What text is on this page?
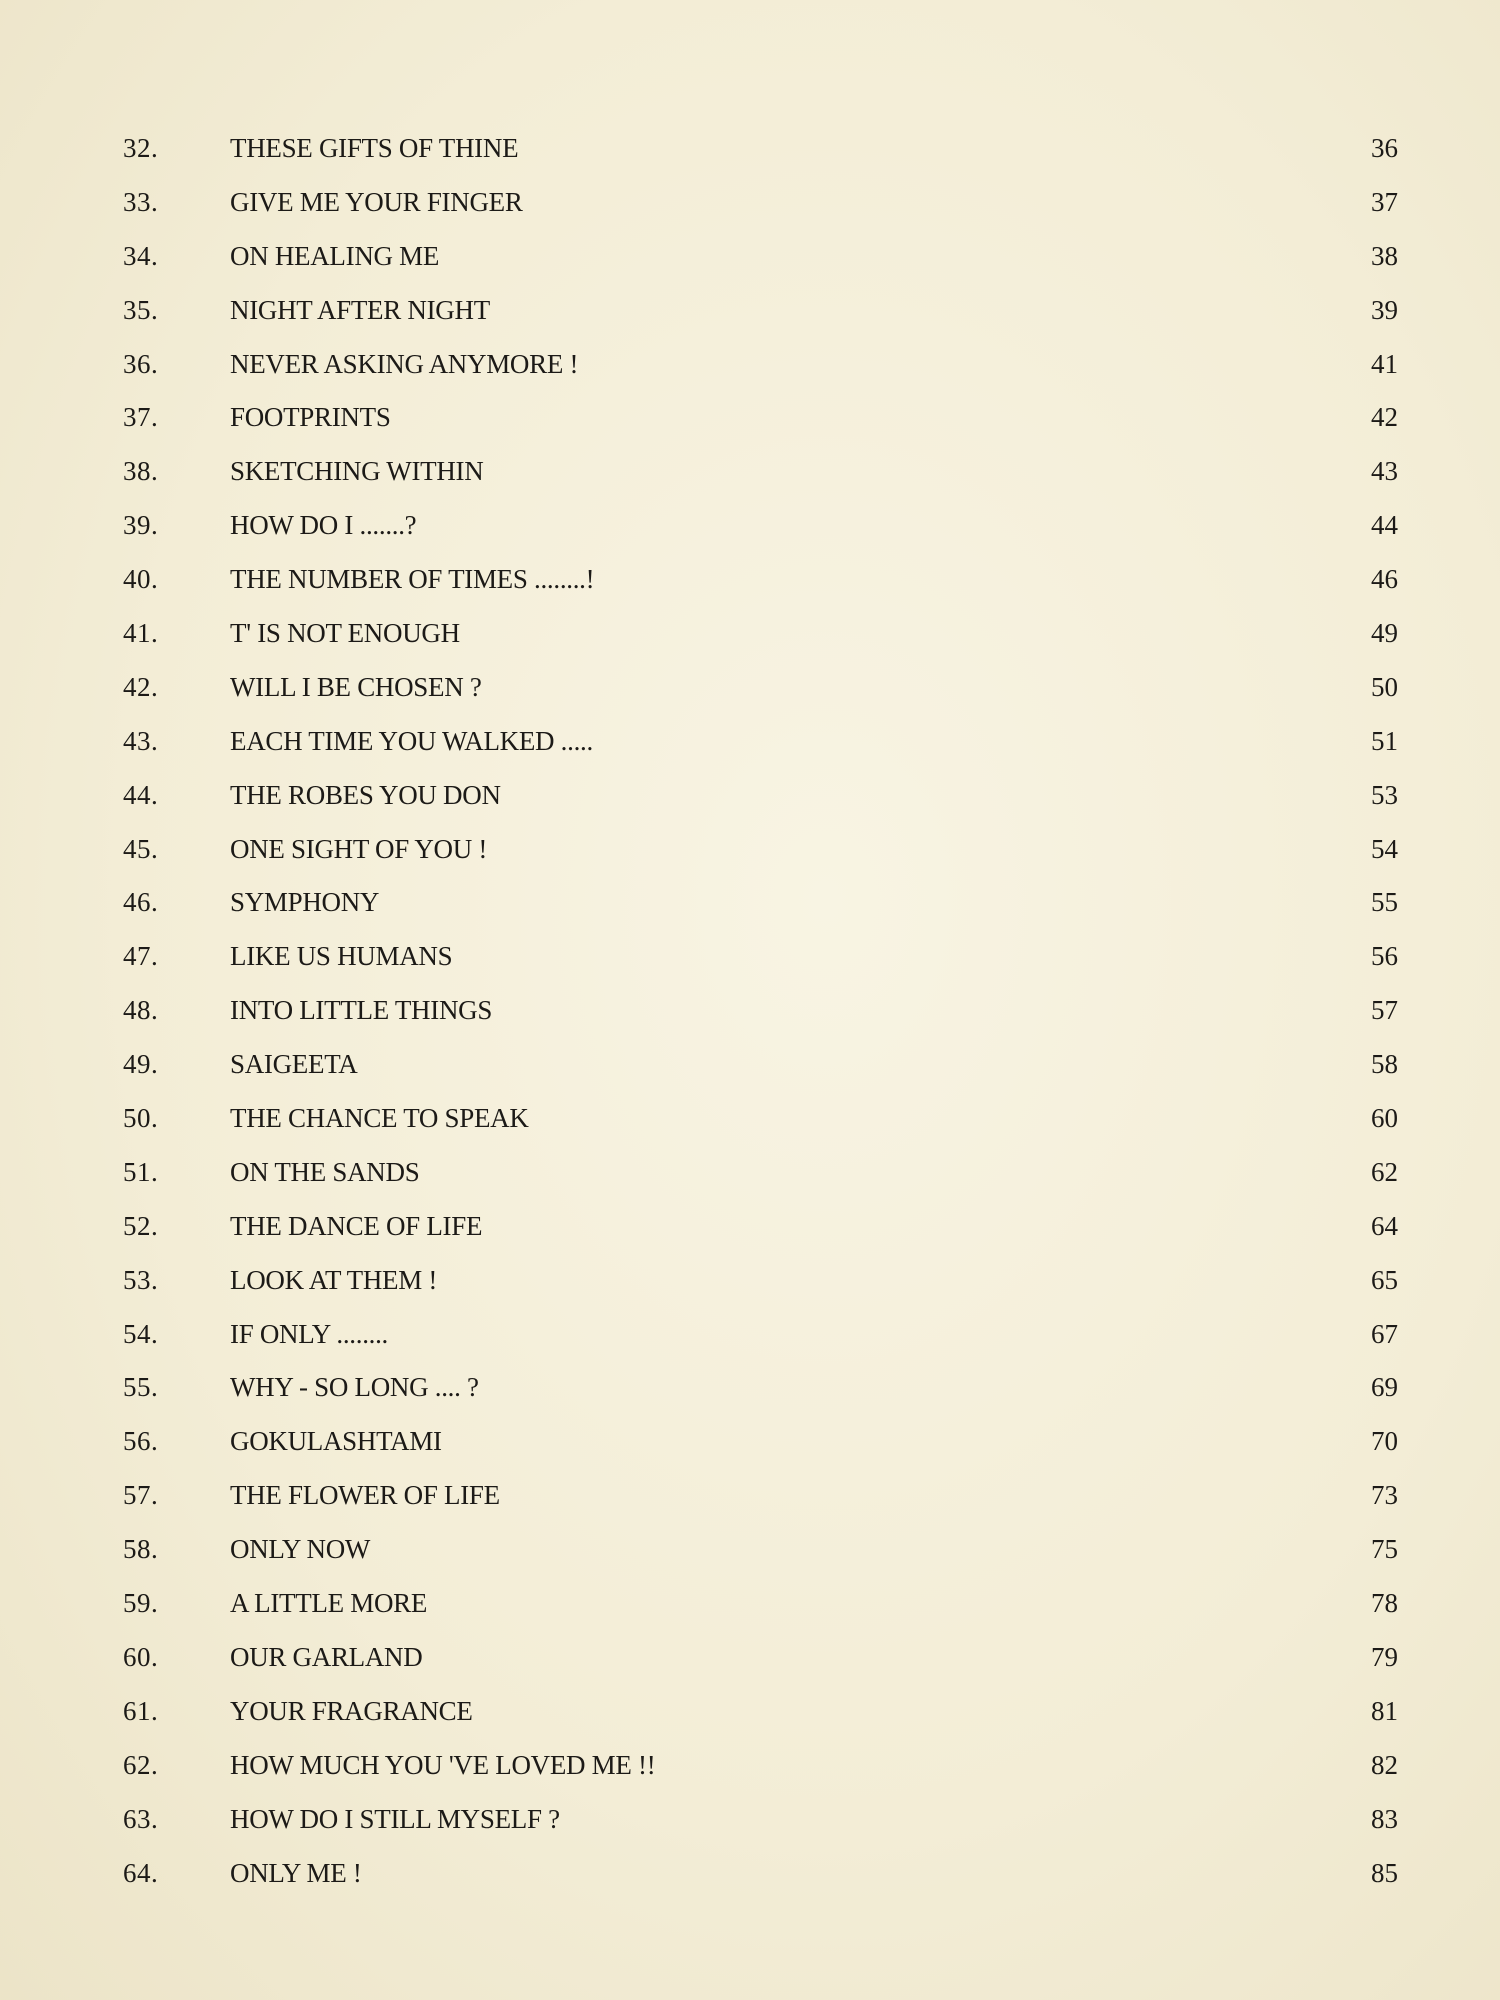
32.	THESE GIFTS OF THINE	36
33.	GIVE ME YOUR FINGER	37
34.	ON HEALING ME	38
35.	NIGHT AFTER NIGHT	39
36.	NEVER ASKING ANYMORE !	41
37.	FOOTPRINTS	42
38.	SKETCHING WITHIN	43
39.	HOW DO I .......?	44
40.	THE NUMBER OF TIMES ........!	46
41.	T' IS NOT ENOUGH	49
42.	WILL I BE CHOSEN ?	50
43.	EACH TIME YOU WALKED .....	51
44.	THE ROBES YOU DON	53
45.	ONE SIGHT OF YOU !	54
46.	SYMPHONY	55
47.	LIKE US HUMANS	56
48.	INTO LITTLE THINGS	57
49.	SAIGEETA	58
50.	THE CHANCE TO SPEAK	60
51.	ON THE SANDS	62
52.	THE DANCE OF LIFE	64
53.	LOOK AT THEM !	65
54.	IF ONLY ........	67
55.	WHY - SO LONG .... ?	69
56.	GOKULASHTAMI	70
57.	THE FLOWER OF LIFE	73
58.	ONLY NOW	75
59.	A LITTLE MORE	78
60.	OUR GARLAND	79
61.	YOUR FRAGRANCE	81
62.	HOW MUCH YOU 'VE LOVED ME !!	82
63.	HOW DO I STILL MYSELF ?	83
64.	ONLY ME !	85
